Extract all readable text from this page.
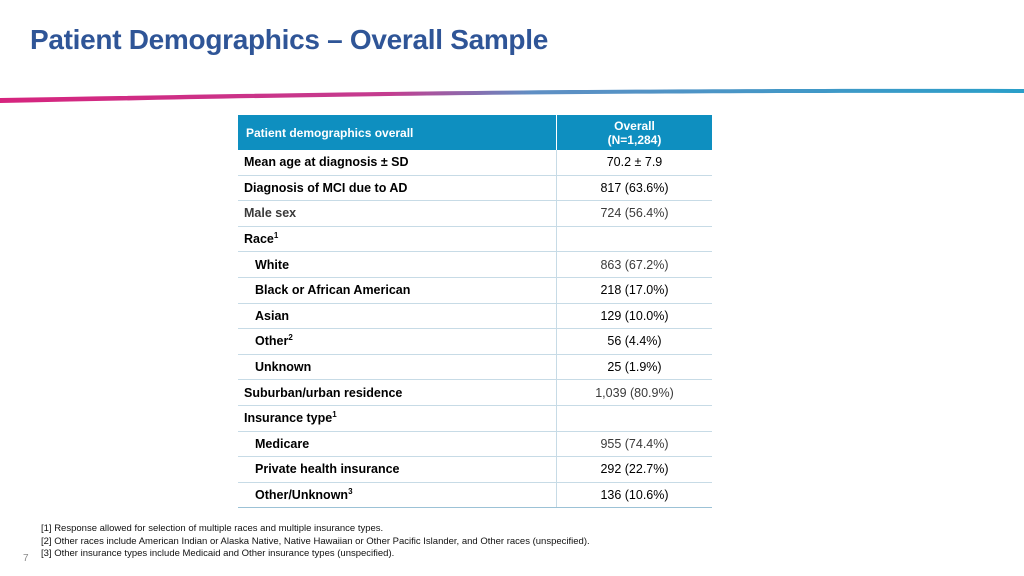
Patient Demographics – Overall Sample
Patient demographics overall	Overall
(N=1,284)
Mean age at diagnosis ± SD	70.2 ± 7.9
Diagnosis of MCI due to AD	817 (63.6%)
Male sex	724 (56.4%)
Race$^1$	
White	863 (67.2%)
Black or African American	218 (17.0%)
Asian	129 (10.0%)
Other$^2$	56 (4.4%)
Unknown	25 (1.9%)
Suburban/urban residence	1,039 (80.9%)
Insurance type$^1$	
Medicare	955 (74.4%)
Private health insurance	292 (22.7%)
Other/Unknown$^3$	136 (10.6%)
[1] Response allowed for selection of multiple races and multiple insurance types.
[2] Other races include American Indian or Alaska Native, Native Hawaiian or Other Pacific Islander, and Other races (unspecified).
[3] Other insurance types include Medicaid and Other insurance types (unspecified).
7
